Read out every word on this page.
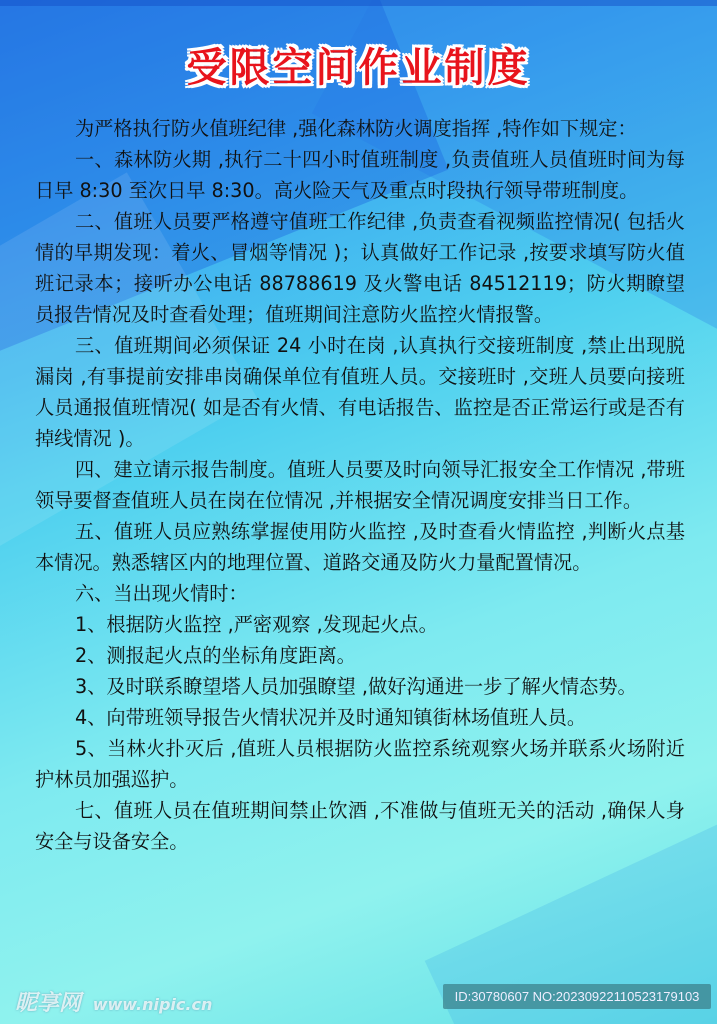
受限空间作业制度

为严格执行防火值班纪律 ,强化森林防火调度指挥 ,特作如下规定：

一、森林防火期 ,执行二十四小时值班制度 ,负责值班人员值班时间为每日早 8:30 至次日早 8:30。高火险天气及重点时段执行领导带班制度。

二、值班人员要严格遵守值班工作纪律 ,负责查看视频监控情况( 包括火情的早期发现：着火、冒烟等情况 )；认真做好工作记录 ,按要求填写防火值班记录本；接听办公电话 88788619 及火警电话 84512119；防火期瞭望员报告情况及时查看处理；值班期间注意防火监控火情报警。

三、值班期间必须保证 24 小时在岗 ,认真执行交接班制度 ,禁止出现脱漏岗 ,有事提前安排串岗确保单位有值班人员。交接班时 ,交班人员要向接班人员通报值班情况( 如是否有火情、有电话报告、监控是否正常运行或是否有掉线情况 )。

四、建立请示报告制度。值班人员要及时向领导汇报安全工作情况 ,带班领导要督查值班人员在岗在位情况 ,并根据安全情况调度安排当日工作。

五、值班人员应熟练掌握使用防火监控 ,及时查看火情监控 ,判断火点基本情况。熟悉辖区内的地理位置、道路交通及防火力量配置情况。

六、当出现火情时：

1、根据防火监控 ,严密观察 ,发现起火点。

2、测报起火点的坐标角度距离。

3、及时联系瞭望塔人员加强瞭望 ,做好沟通进一步了解火情态势。

4、向带班领导报告火情状况并及时通知镇街林场值班人员。

5、当林火扑灭后 ,值班人员根据防火监控系统观察火场并联系火场附近护林员加强巡护。

七、值班人员在值班期间禁止饮酒 ,不准做与值班无关的活动 ,确保人身安全与设备安全。

昵享网 www.nipic.cn	ID:30780607 NO:20230922110523179103
